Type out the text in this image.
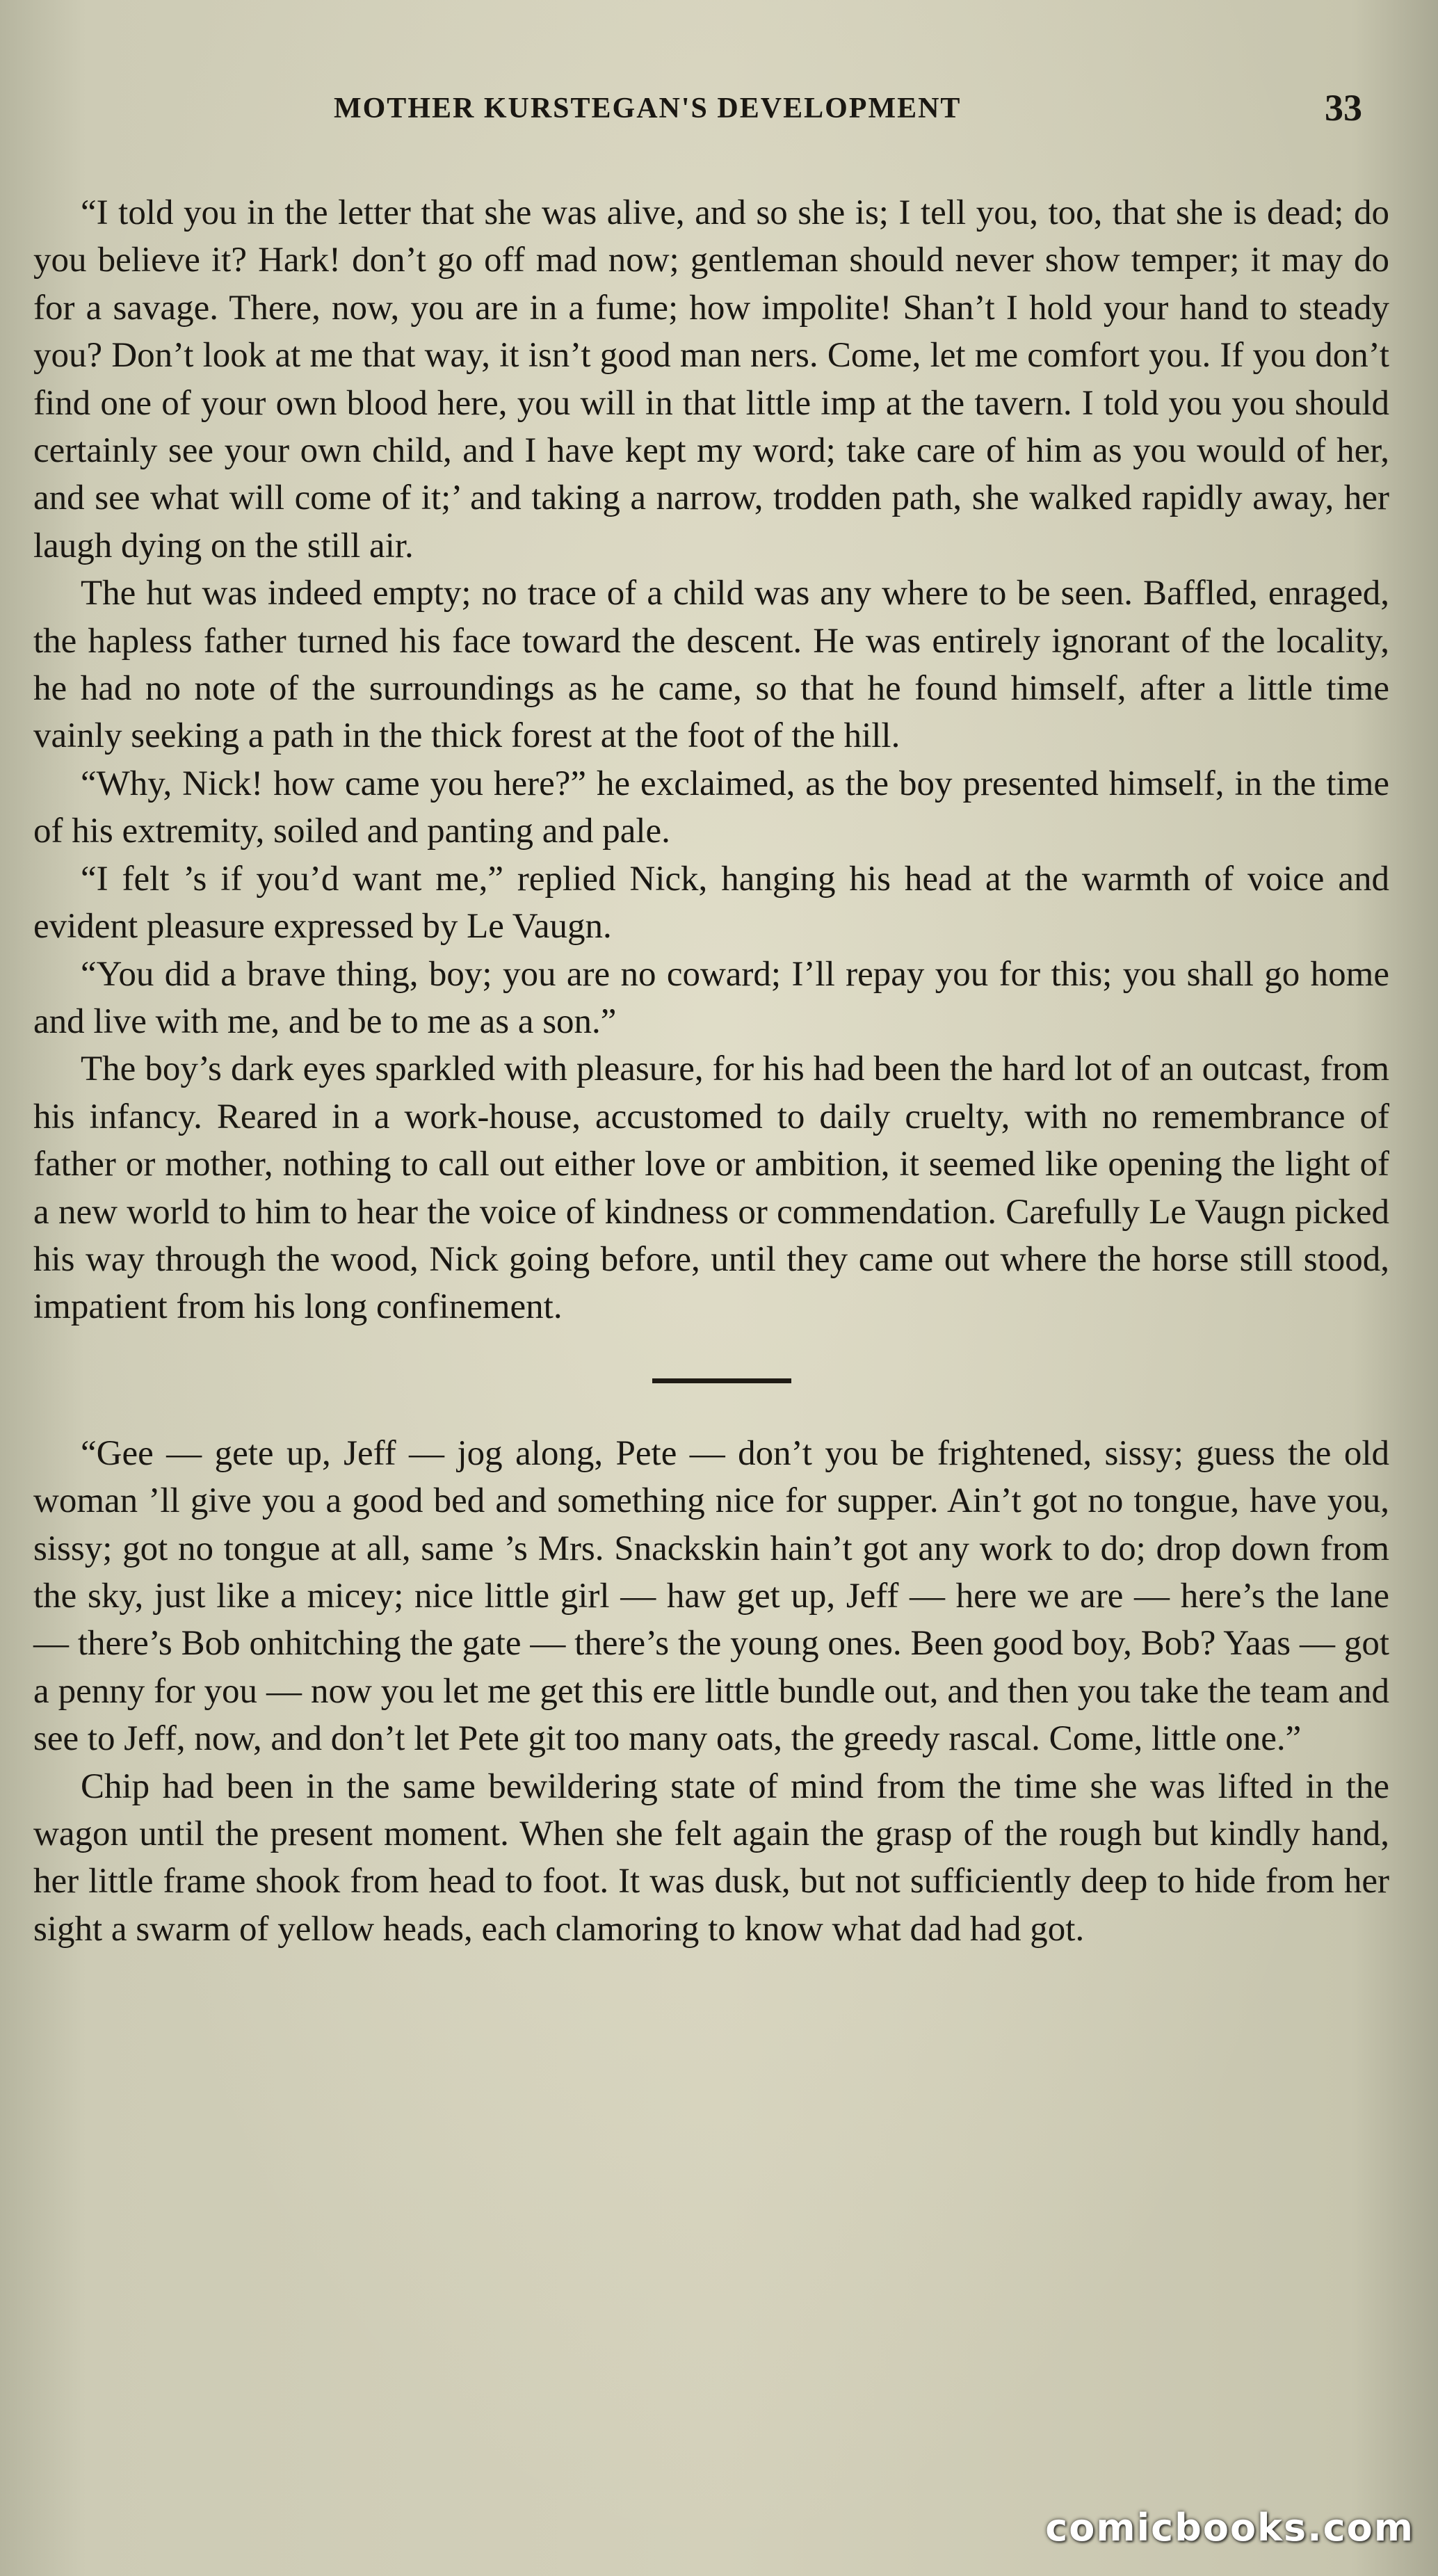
MOTHER KURSTEGAN'S DEVELOPMENT	33

“I told you in the letter that she was alive, and so she is; I tell you, too, that she is dead; do you believe it? Hark! don’t go off mad now; gentleman should never show temper; it may do for a savage. There, now, you are in a fume; how impolite! Shan’t I hold your hand to steady you? Don’t look at me that way, it isn’t good man ners. Come, let me comfort you. If you don’t find one of your own blood here, you will in that little imp at the tavern. I told you you should certainly see your own child, and I have kept my word; take care of him as you would of her, and see what will come of it;’ and taking a narrow, trodden path, she walked rapidly away, her laugh dying on the still air.

The hut was indeed empty; no trace of a child was any where to be seen. Baffled, enraged, the hapless father turned his face toward the descent. He was entirely ignorant of the locality, he had no note of the surroundings as he came, so that he found himself, after a little time vainly seeking a path in the thick forest at the foot of the hill.

“Why, Nick! how came you here?” he exclaimed, as the boy presented himself, in the time of his extremity, soiled and panting and pale.

“I felt ’s if you’d want me,” replied Nick, hanging his head at the warmth of voice and evident pleasure expressed by Le Vaugn.

“You did a brave thing, boy; you are no coward; I’ll repay you for this; you shall go home and live with me, and be to me as a son.”

The boy’s dark eyes sparkled with pleasure, for his had been the hard lot of an outcast, from his infancy. Reared in a work-house, accustomed to daily cruelty, with no remembrance of father or mother, nothing to call out either love or ambition, it seemed like opening the light of a new world to him to hear the voice of kindness or commendation. Carefully Le Vaugn picked his way through the wood, Nick going before, until they came out where the horse still stood, impatient from his long confinement.

“Gee — gete up, Jeff — jog along, Pete — don’t you be frightened, sissy; guess the old woman ’ll give you a good bed and something nice for supper. Ain’t got no tongue, have you, sissy; got no tongue at all, same ’s Mrs. Snackskin hain’t got any work to do; drop down from the sky, just like a micey; nice little girl — haw get up, Jeff — here we are — here’s the lane — there’s Bob onhitching the gate — there’s the young ones. Been good boy, Bob? Yaas — got a penny for you — now you let me get this ere little bundle out, and then you take the team and see to Jeff, now, and don’t let Pete git too many oats, the greedy rascal. Come, little one.”

Chip had been in the same bewildering state of mind from the time she was lifted in the wagon until the present moment. When she felt again the grasp of the rough but kindly hand, her little frame shook from head to foot. It was dusk, but not sufficiently deep to hide from her sight a swarm of yellow heads, each clamoring to know what dad had got.

comicbooks.com
